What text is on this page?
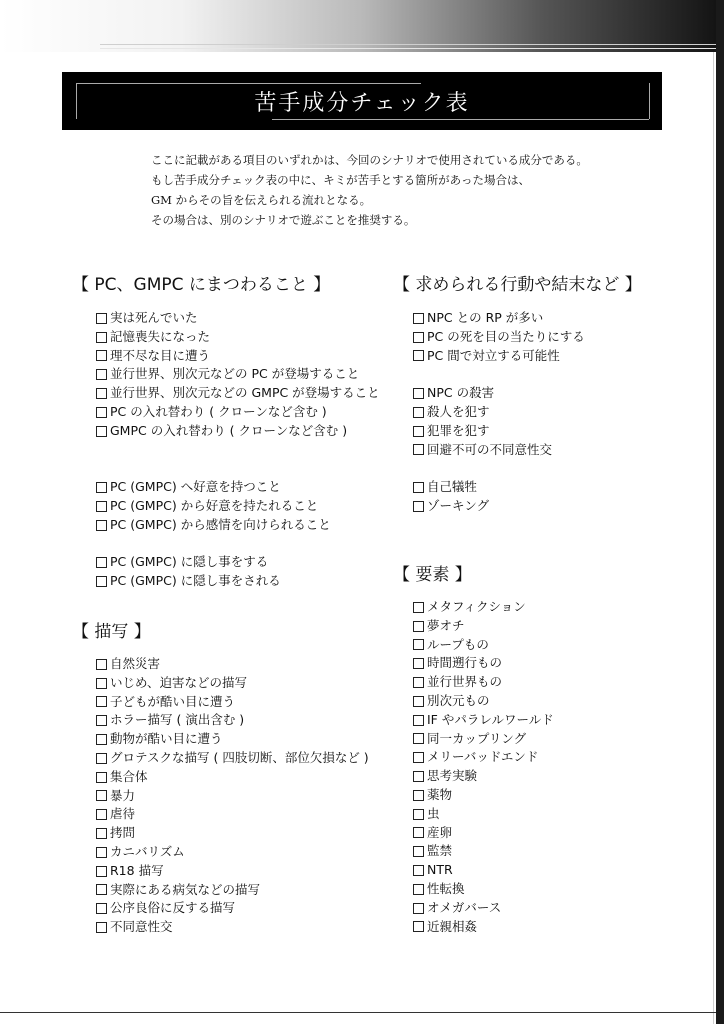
苦手成分チェック表
ここに記載がある項目のいずれかは、今回のシナリオで使用されている成分である。
もし苦手成分チェック表の中に、キミが苦手とする箇所があった場合は、
GM からその旨を伝えられる流れとなる。
その場合は、別のシナリオで遊ぶことを推奨する。
【 PC、GMPC にまつわること 】
実は死んでいた
記憶喪失になった
理不尽な目に遭う
並行世界、別次元などの PC が登場すること
並行世界、別次元などの GMPC が登場すること
PC の入れ替わり ( クローンなど含む )
GMPC の入れ替わり ( クローンなど含む )
PC (GMPC) へ好意を持つこと
PC (GMPC) から好意を持たれること
PC (GMPC) から感情を向けられること
PC (GMPC) に隠し事をする
PC (GMPC) に隠し事をされる
【 描写 】
自然災害
いじめ、迫害などの描写
子どもが酷い目に遭う
ホラー描写 ( 演出含む )
動物が酷い目に遭う
グロテスクな描写 ( 四肢切断、部位欠損など )
集合体
暴力
虐待
拷問
カニバリズム
R18 描写
実際にある病気などの描写
公序良俗に反する描写
不同意性交
【 求められる行動や結末など 】
NPC との RP が多い
PC の死を目の当たりにする
PC 間で対立する可能性
NPC の殺害
殺人を犯す
犯罪を犯す
回避不可の不同意性交
自己犠牲
ゾーキング
【 要素 】
メタフィクション
夢オチ
ループもの
時間遡行もの
並行世界もの
別次元もの
IF やパラレルワールド
同一カップリング
メリーバッドエンド
思考実験
薬物
虫
産卵
監禁
NTR
性転換
オメガバース
近親相姦
